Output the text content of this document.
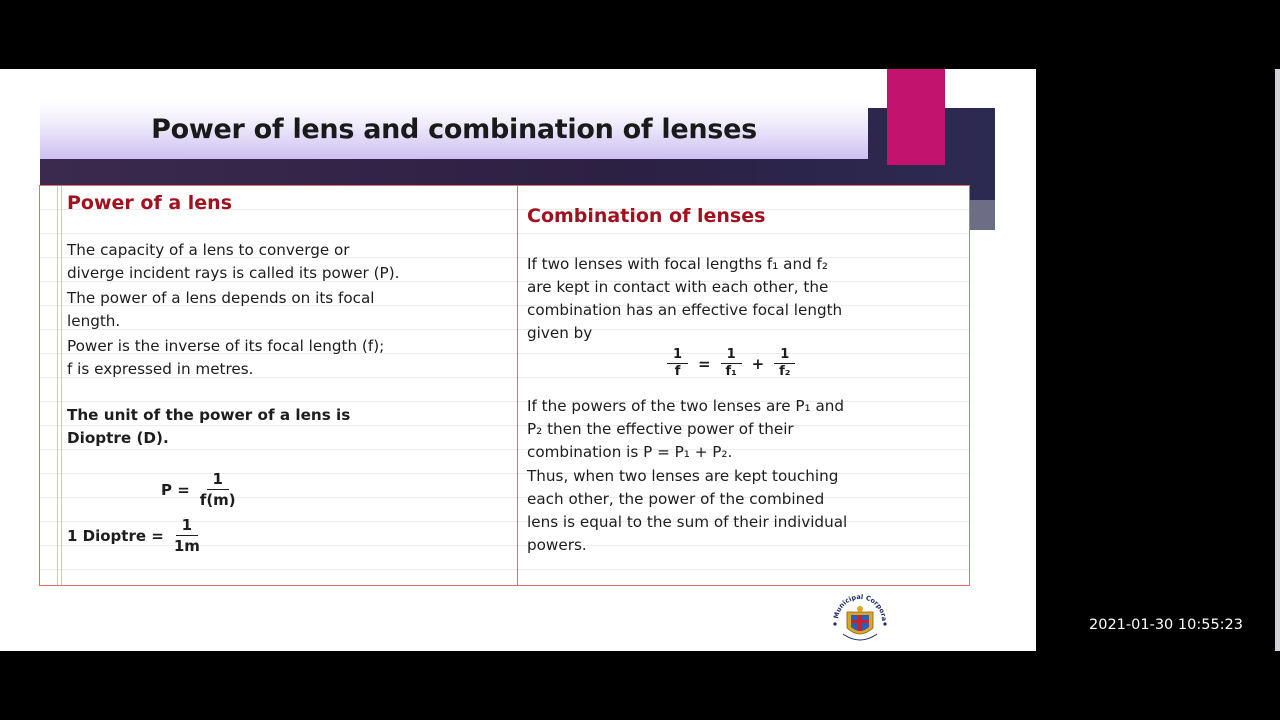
Power of lens and combination of lenses

Power of a lens

The capacity of a lens to converge or
diverge incident rays is called its power (P).

The power of a lens depends on its focal
length.

Power is the inverse of its focal length (f);
f is expressed in metres.

The unit of the power of a lens is
Dioptre (D).

$P = \frac{1}{f(m)}$
1 Dioptre = $\frac{1}{1m}$

Combination of lenses

If two lenses with focal lengths f₁ and f₂
are kept in contact with each other, the
combination has an effective focal length
given by

$\frac{1}{f} = \frac{1}{\text{f₁}} + \frac{1}{\text{f₂}}$

If the powers of the two lenses are P₁ and
P₂ then the effective power of their
combination is P = P₁ + P₂.

Thus, when two lenses are kept touching
each other, the power of the combined
lens is equal to the sum of their individual
powers.

Municipal Corpora	2021-01-30 10:55:23
